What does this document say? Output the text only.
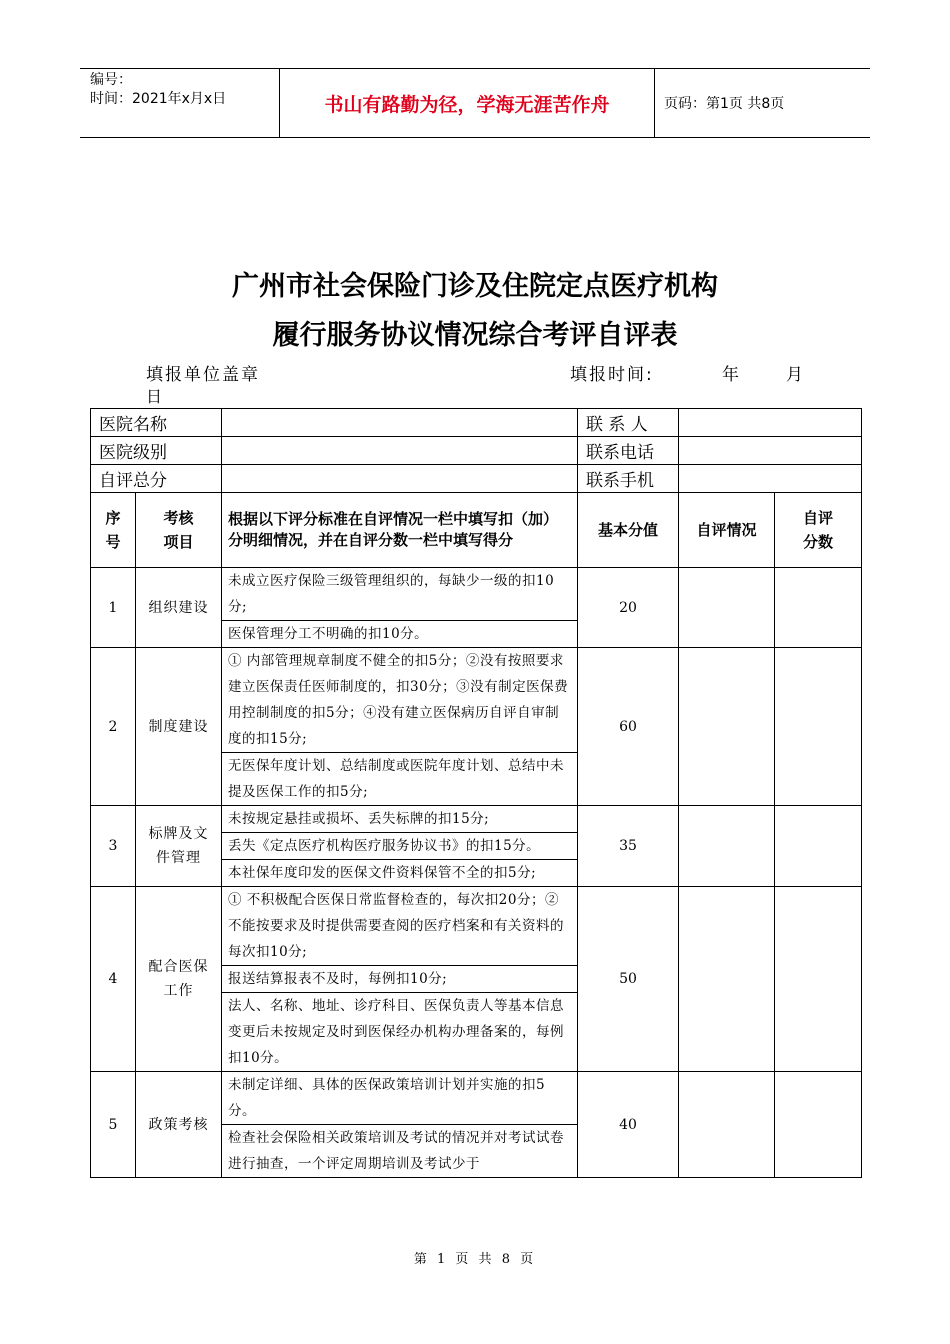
编号：
时间：2021年x月x日	书山有路勤为径，学海无涯苦作舟	页码：第1页 共8页
广州市社会保险门诊及住院定点医疗机构
履行服务协议情况综合考评自评表
填报单位盖章	填报时间:	年	月
日
医院名称			联 系 人		
医院级别			联系电话		
自评总分			联系手机		

序号	考核项目	根据以下评分标准在自评情况一栏中填写扣（加）分明细情况，并在自评分数一栏中填写得分	基本分值	自评情况	自评分数

1	组织建设	未成立医疗保险三级管理组织的，每缺少一级的扣10分;
医保管理分工不明确的扣10分。	20		
2	制度建设	① 内部管理规章制度不健全的扣5分；②没有按照要求建立医保责任医师制度的，扣30分；③没有制定医保费用控制制度的扣5分；④没有建立医保病历自评自审制度的扣15分;
无医保年度计划、总结制度或医院年度计划、总结中未提及医保工作的扣5分;	60		
3	标牌及文件管理	未按规定悬挂或损坏、丢失标牌的扣15分;
丢失《定点医疗机构医疗服务协议书》的扣15分。
本社保年度印发的医保文件资料保管不全的扣5分;	35		
4	配合医保工作	① 不积极配合医保日常监督检查的，每次扣20分；②不能按要求及时提供需要查阅的医疗档案和有关资料的每次扣10分;
报送结算报表不及时，每例扣10分;
法人、名称、地址、诊疗科目、医保负责人等基本信息变更后未按规定及时到医保经办机构办理备案的，每例扣10分。	50		
5	政策考核	未制定详细、具体的医保政策培训计划并实施的扣5分。
检查社会保险相关政策培训及考试的情况并对考试试卷进行抽查，一个评定周期培训及考试少于	40		
第 1 页 共 8 页
